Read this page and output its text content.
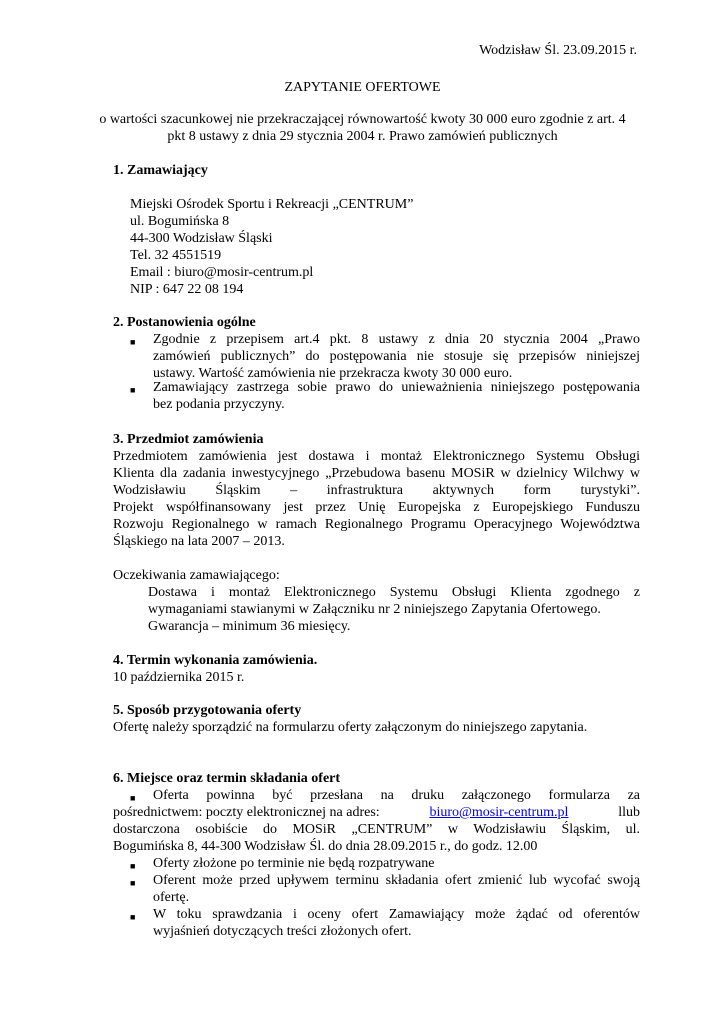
Wodzisław Śl. 23.09.2015 r.
ZAPYTANIE OFERTOWE
o wartości szacunkowej nie przekraczającej równowartość kwoty 30 000 euro zgodnie z art. 4
pkt 8 ustawy z dnia 29 stycznia 2004 r. Prawo zamówień publicznych
1. Zamawiający
Miejski Ośrodek Sportu i Rekreacji „CENTRUM”
ul. Bogumińska 8
44-300 Wodzisław Śląski
Tel. 32 4551519
Email : biuro@mosir-centrum.pl
NIP : 647 22 08 194
2. Postanowienia ogólne
■ Zgodnie z przepisem art.4 pkt. 8 ustawy z dnia 20 stycznia 2004 „Prawo
zamówień publicznych” do postępowania nie stosuje się przepisów niniejszej
ustawy. Wartość zamówienia nie przekracza kwoty 30 000 euro.
■ Zamawiający zastrzega sobie prawo do unieważnienia niniejszego postępowania
bez podania przyczyny.
3. Przedmiot zamówienia
Przedmiotem zamówienia jest dostawa i montaż Elektronicznego Systemu Obsługi
Klienta dla zadania inwestycyjnego „Przebudowa basenu MOSiR w dzielnicy Wilchwy w
Wodzisławiu Śląskim – infrastruktura aktywnych form turystyki”.
Projekt współfinansowany jest przez Unię Europejska z Europejskiego Funduszu
Rozwoju Regionalnego w ramach Regionalnego Programu Operacyjnego Województwa
Śląskiego na lata 2007 – 2013.
Oczekiwania zamawiającego:
Dostawa i montaż Elektronicznego Systemu Obsługi Klienta zgodnego z
wymaganiami stawianymi w Załączniku nr 2 niniejszego Zapytania Ofertowego.
Gwarancja – minimum 36 miesięcy.
4. Termin wykonania zamówienia.
10 października 2015 r.
5. Sposób przygotowania oferty
Ofertę należy sporządzić na formularzu oferty załączonym do niniejszego zapytania.
6. Miejsce oraz termin składania ofert
■ Oferta powinna być przesłana na druku załączonego formularza za
pośrednictwem: poczty elektronicznej na adres:	biuro@mosir-centrum.pl	llub
dostarczona osobiście do MOSiR „CENTRUM” w Wodzisławiu Śląskim, ul.
Bogumińska 8, 44-300 Wodzisław Śl. do dnia 28.09.2015 r., do godz. 12.00
■ Oferty złożone po terminie nie będą rozpatrywane
■ Oferent może przed upływem terminu składania ofert zmienić lub wycofać swoją
ofertę.
■ W toku sprawdzania i oceny ofert Zamawiający może żądać od oferentów
wyjaśnień dotyczących treści złożonych ofert.
